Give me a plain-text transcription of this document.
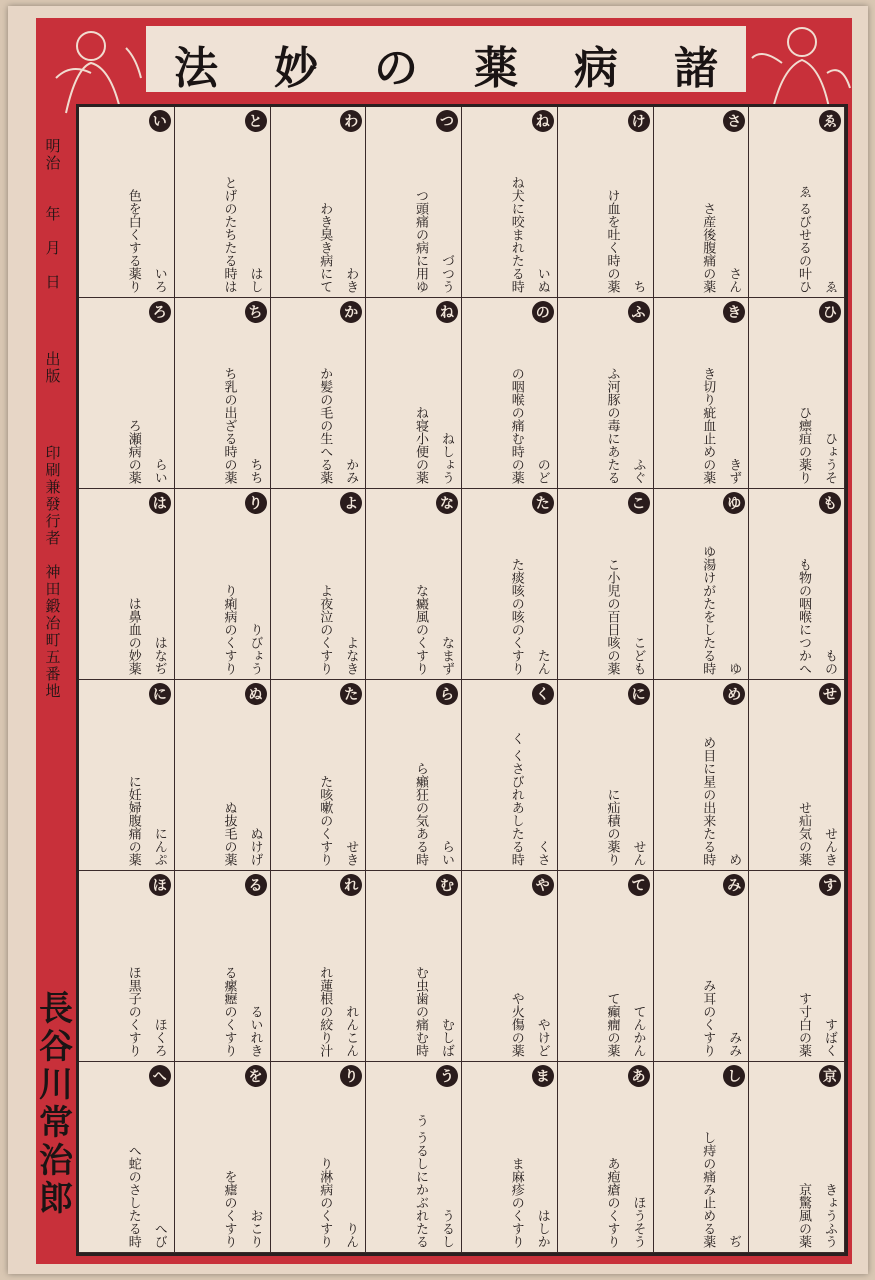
諸
病
薬
の
妙
法
明治　　年　月　日
出版
印刷兼發行者　神田鍛冶町五番地
長谷川常治郎
い
色を白くする薬り いろ
と
とげのたちたる時は はし
わ
わき臭き病にて わき
つ
つ頭痛の病に用ゆ づつう
ね
ね犬に咬まれたる時 いぬ
け
け血を吐く時の薬 ち
さ
さ産後腹痛の薬 さん
ゑ
ゑ るびせるの叶ひ ゑ
ろ
ろ瀬病の薬 らい
ち
ち乳の出ざる時の薬 ちち
か
か髪の毛の生へる薬 かみ
ね
ね寝小便の薬 ねしょう
の
の咽喉の痛む時の薬 のど
ふ
ふ河豚の毒にあたる ふぐ
き
き切り疵血止めの薬 きず
ひ
ひ瘭疽の薬り ひょうそ
は
は鼻血の妙薬 はなぢ
り
り痢病のくすり りびょう
よ
よ夜泣のくすり よなき
な
な癜風のくすり なまず
た
た痰咳の咳のくすり たん
こ
こ小児の百日咳の薬 こども
ゆ
ゆ湯けがたをしたる時 ゆ
も
も物の咽喉につかへ もの
に
に妊婦腹痛の薬 にんぷ
ぬ
ぬ抜毛の薬 ぬけげ
た
た咳嗽のくすり せき
ら
ら癩狂の気ある時 らい
く
く くさびれあしたる時 くさ
に
に疝積の薬り せん
め
め目に星の出来たる時 め
せ
せ疝気の薬 せんき
ほ
ほ黒子のくすり ほくろ
る
る瘰癧のくすり るいれき
れ
れ蓮根の絞り汁 れんこん
む
む虫歯の痛む時 むしば
や
や火傷の薬 やけど
て
て癲癇の薬 てんかん
み
み耳のくすり みみ
す
す寸白の薬 すばく
へ
へ蛇のさしたる時 へび
を
を瘧のくすり おこり
り
り淋病のくすり りん
う
う うるしにかぶれたる うるし
ま
ま麻疹のくすり はしか
あ
あ疱瘡のくすり ほうそう
し
し痔の痛み止める薬 ぢ
京
京驚風の薬 きょうふう
